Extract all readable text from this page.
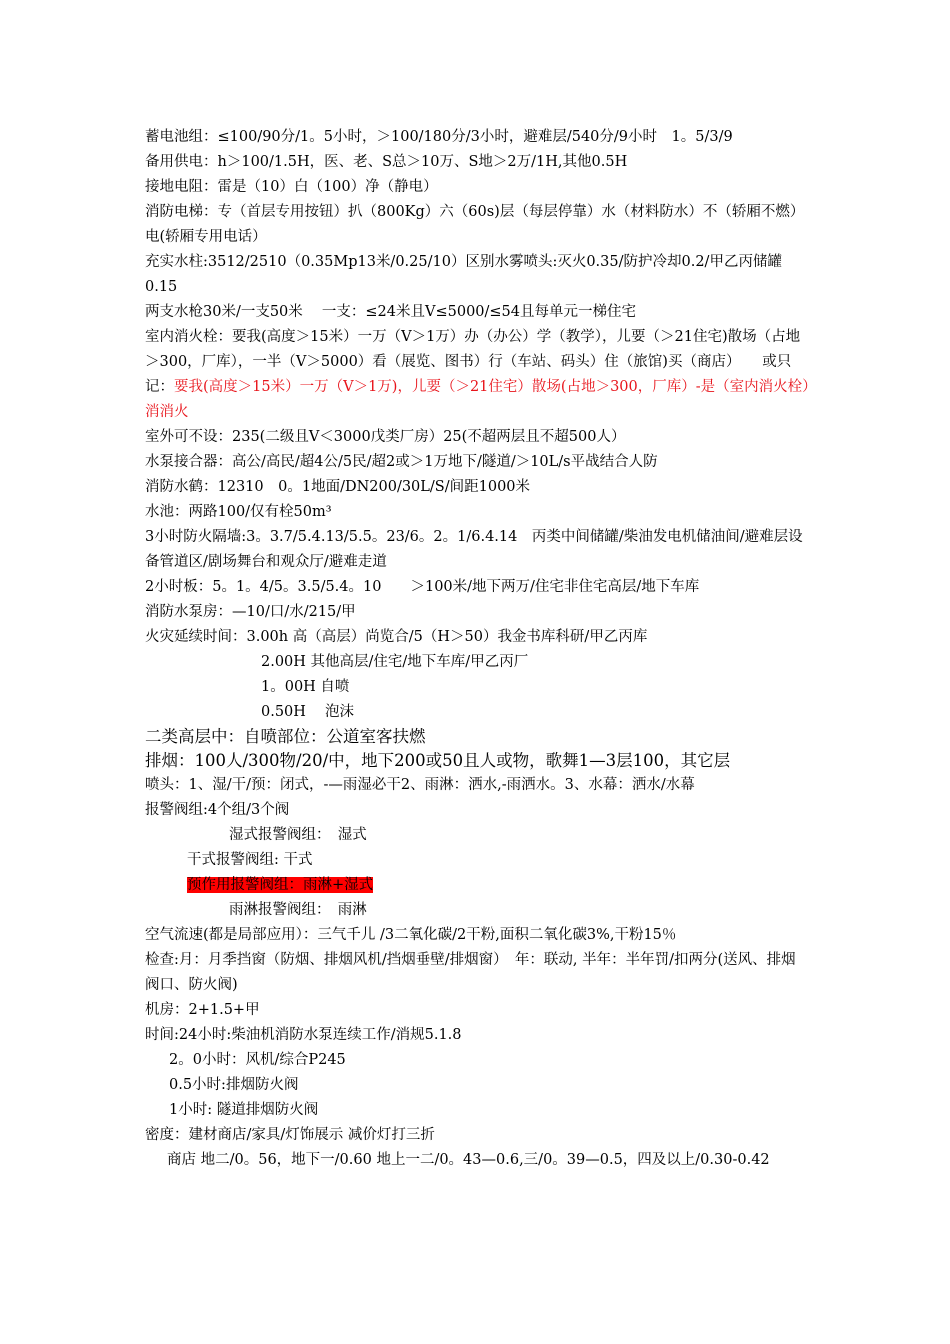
蓄电池组：≤100/90分/1。5小时，＞100/180分/3小时，避难层/540分/9小时　1。5/3/9
备用供电：h＞100/1.5H，医、老、S总＞10万、S地＞2万/1H,其他0.5H
接地电阻：雷是（10）白（100）净（静电）
消防电梯：专（首层专用按钮）扒（800Kg）六（60s)层（每层停靠）水（材料防水）不（轿厢不燃）电(轿厢专用电话）
充实水柱:3512/2510（0.35Mp13米/0.25/10）区别水雾喷头:灭火0.35/防护冷却0.2/甲乙丙储罐0.15
两支水枪30米/一支50米　 一支：≤24米且V≤5000/≤54且每单元一梯住宅
室内消火栓：要我(高度＞15米）一万（V＞1万）办（办公）学（教学），儿要（＞21住宅)散场（占地＞300，厂库），一半（V＞5000）看（展览、图书）行（车站、码头）住（旅馆)买（商店）　　或只记：要我(高度＞15米）一万（V＞1万)，儿要（＞21住宅）散场(占地＞300，厂库）-是（室内消火栓）消消火
室外可不设：235(二级且V＜3000戊类厂房）25(不超两层且不超500人）
水泵接合器：高公/高民/超4公/5民/超2或＞1万地下/隧道/＞10L/s平战结合人防
消防水鹤：12310　0。1地面/DN200/30L/S/间距1000米
水池：两路100/仅有栓50m³
3小时防火隔墙:3。3.7/5.4.13/5.5。23/6。2。1/6.4.14　丙类中间储罐/柴油发电机储油间/避难层设备管道区/剧场舞台和观众厅/避难走道
2小时板：5。1。4/5。3.5/5.4。10　　＞100米/地下两万/住宅非住宅高层/地下车库
消防水泵房：—10/口/水/215/甲
火灾延续时间：3.00h 高（高层）尚览合/5（H＞50）我金书库科研/甲乙丙库
2.00H 其他高层/住宅/地下车库/甲乙丙厂
1。00H 自喷
0.50H　 泡沫
二类高层中：自喷部位：公道室客扶燃
排烟：100人/300物/20/中，地下200或50且人或物，歌舞1—3层100，其它层
喷头：1、湿/干/预：闭式，-—雨湿必干2、雨淋：洒水,-雨洒水。3、水幕：洒水/水幕
报警阀组:4个组/3个阀
湿式报警阀组：　湿式
干式报警阀组: 干式
预作用报警阀组：雨淋+湿式
雨淋报警阀组：　雨淋
空气流速(都是局部应用）：三气千儿 /3二氧化碳/2干粉,面积二氧化碳3%,干粉15％
检查:月：月季挡窗（防烟、排烟风机/挡烟垂壁/排烟窗）　年：联动, 半年：半年罚/扣两分(送风、排烟阀口、防火阀)
机房：2+1.5+甲
时间:24小时:柴油机消防水泵连续工作/消规5.1.8
2。0小时：风机/综合P245
0.5小时:排烟防火阀
1小时: 隧道排烟防火阀
密度：建材商店/家具/灯饰展示 减价灯打三折
商店 地二/0。56，地下一/0.60 地上一二/0。43—0.6,三/0。39—0.5，四及以上/0.30-0.42
